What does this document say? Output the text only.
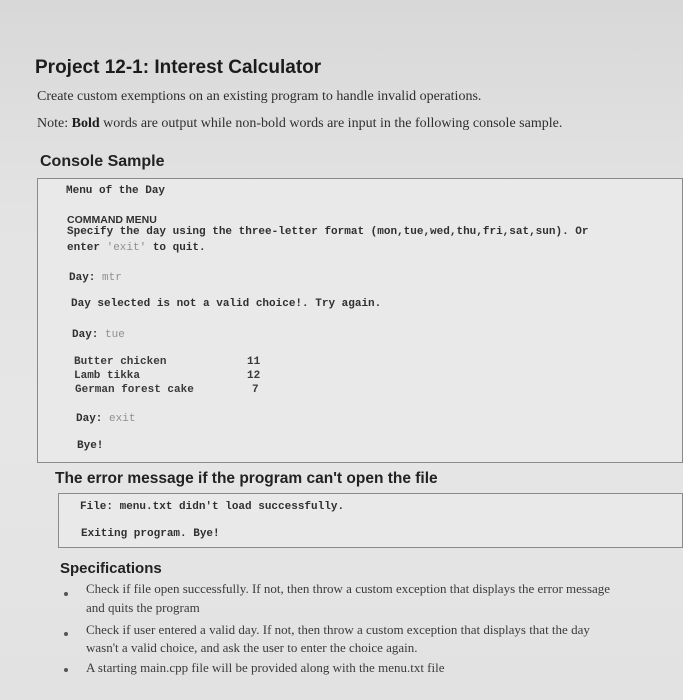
Project 12-1: Interest Calculator
Create custom exemptions on an existing program to handle invalid operations.
Note: Bold words are output while non-bold words are input in the following console sample.
Console Sample
Menu of the Day
COMMAND MENU
Specify the day using the three-letter format (mon,tue,wed,thu,fri,sat,sun). Or
enter 'exit' to quit.
Day: mtr
Day selected is not a valid choice!. Try again.
Day: tue
Butter chicken	11
Lamb tikka	12
German forest cake	7
Day: exit
Bye!
The error message if the program can't open the file
File: menu.txt didn't load successfully.
Exiting program. Bye!
Specifications
Check if file open successfully. If not, then throw a custom exception that displays the error message
and quits the program
Check if user entered a valid day. If not, then throw a custom exception that displays that the day
wasn't a valid choice, and ask the user to enter the choice again.
A starting main.cpp file will be provided along with the menu.txt file
